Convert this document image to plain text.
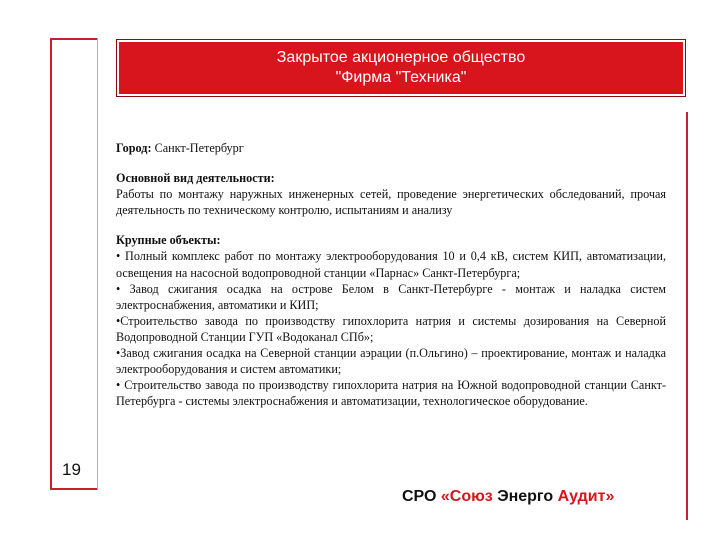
Закрытое акционерное общество
"Фирма "Техника"

Город: Санкт-Петербург

Основной вид деятельности:

Работы по монтажу наружных инженерных сетей, проведение энергетических обследований, прочая деятельность по техническому контролю, испытаниям и анализу

Крупные объекты:

• Полный комплекс работ по монтажу электрооборудования 10 и 0,4 кВ, систем КИП, автоматизации, освещения на насосной водопроводной станции «Парнас» Санкт-Петербурга;

• Завод сжигания осадка на острове Белом в Санкт-Петербурге - монтаж и наладка систем электроснабжения, автоматики и КИП;

•Строительство завода по производству гипохлорита натрия и системы дозирования на Северной Водопроводной Станции ГУП «Водоканал СПб»;

•Завод сжигания осадка на Северной станции аэрации (п.Ольгино) – проектирование, монтаж и наладка электрооборудования и систем автоматики;

• Строительство завода по производству гипохлорита натрия на Южной водопроводной станции Санкт-Петербурга - системы электроснабжения и автоматизации, технологическое оборудование.

19
СРО «Союз Энерго Аудит»
